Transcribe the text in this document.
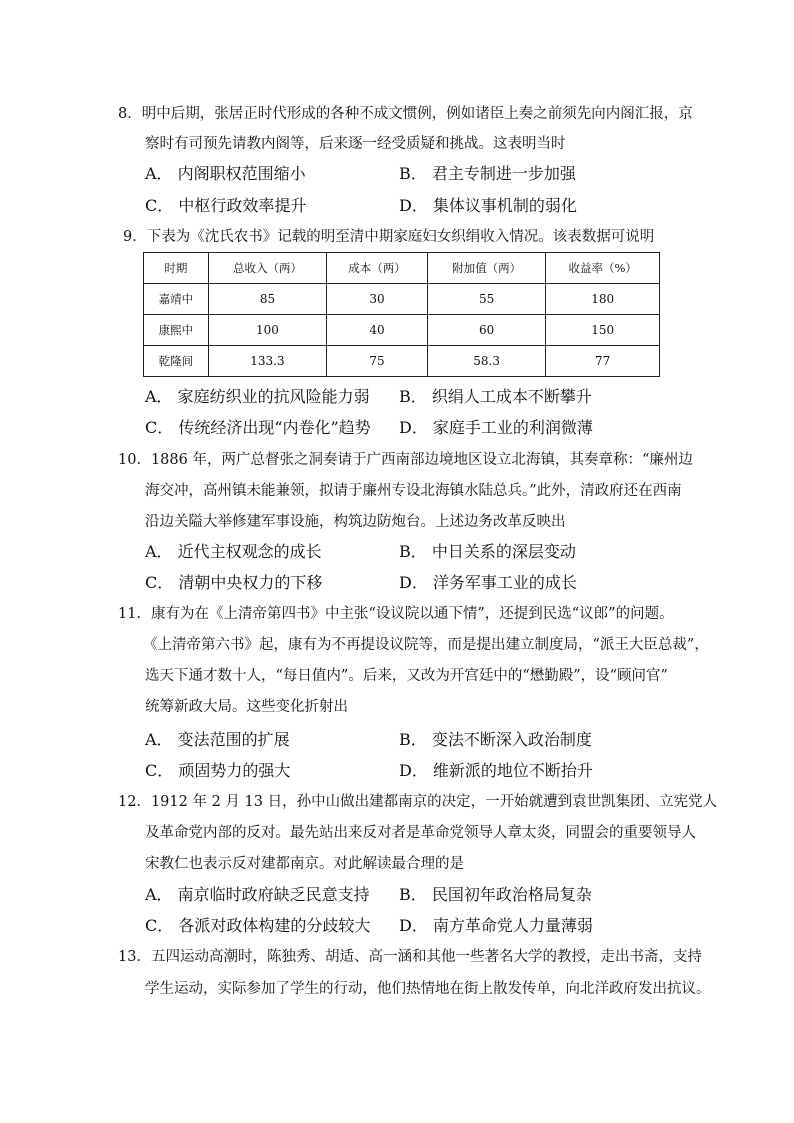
8．明中后期，张居正时代形成的各种不成文惯例，例如诸臣上奏之前须先向内阁汇报，京
察时有司预先请教内阁等，后来逐一经受质疑和挑战。这表明当时
A． 内阁职权范围缩小	B． 君主专制进一步加强
C． 中枢行政效率提升	D． 集体议事机制的弱化
9．下表为《沈氏农书》记载的明至清中期家庭妇女织绢收入情况。该表数据可说明
时期	总收入（两）	成本（两）	附加值（两）	收益率（%）
嘉靖中	85	30	55	180
康熙中	100	40	60	150
乾隆间	133.3	75	58.3	77
A． 家庭纺织业的抗风险能力弱 B． 织绢人工成本不断攀升
C． 传统经济出现“内卷化”趋势 D． 家庭手工业的利润微薄
10．1886 年，两广总督张之洞奏请于广西南部边境地区设立北海镇，其奏章称：“廉州边
海交冲，高州镇未能兼领，拟请于廉州专设北海镇水陆总兵。”此外，清政府还在西南
沿边关隘大举修建军事设施，构筑边防炮台。上述边务改革反映出
A． 近代主权观念的成长	B． 中日关系的深层变动
C． 清朝中央权力的下移	D． 洋务军事工业的成长
11．康有为在《上清帝第四书》中主张“设议院以通下情”，还提到民选“议郎”的问题。
《上清帝第六书》起，康有为不再提设议院等，而是提出建立制度局，“派王大臣总裁”，
选天下通才数十人，“每日值内”。后来，又改为开宫廷中的“懋勤殿”，设“顾问官”
统筹新政大局。这些变化折射出
A． 变法范围的扩展	B． 变法不断深入政治制度
C． 顽固势力的强大	D． 维新派的地位不断抬升
12．1912 年 2 月 13 日，孙中山做出建都南京的决定，一开始就遭到袁世凯集团、立宪党人
及革命党内部的反对。最先站出来反对者是革命党领导人章太炎，同盟会的重要领导人
宋教仁也表示反对建都南京。对此解读最合理的是
A． 南京临时政府缺乏民意支持 B． 民国初年政治格局复杂
C． 各派对政体构建的分歧较大 D． 南方革命党人力量薄弱
13．五四运动高潮时，陈独秀、胡适、高一涵和其他一些著名大学的教授，走出书斋，支持
学生运动，实际参加了学生的行动，他们热情地在街上散发传单，向北洋政府发出抗议。
